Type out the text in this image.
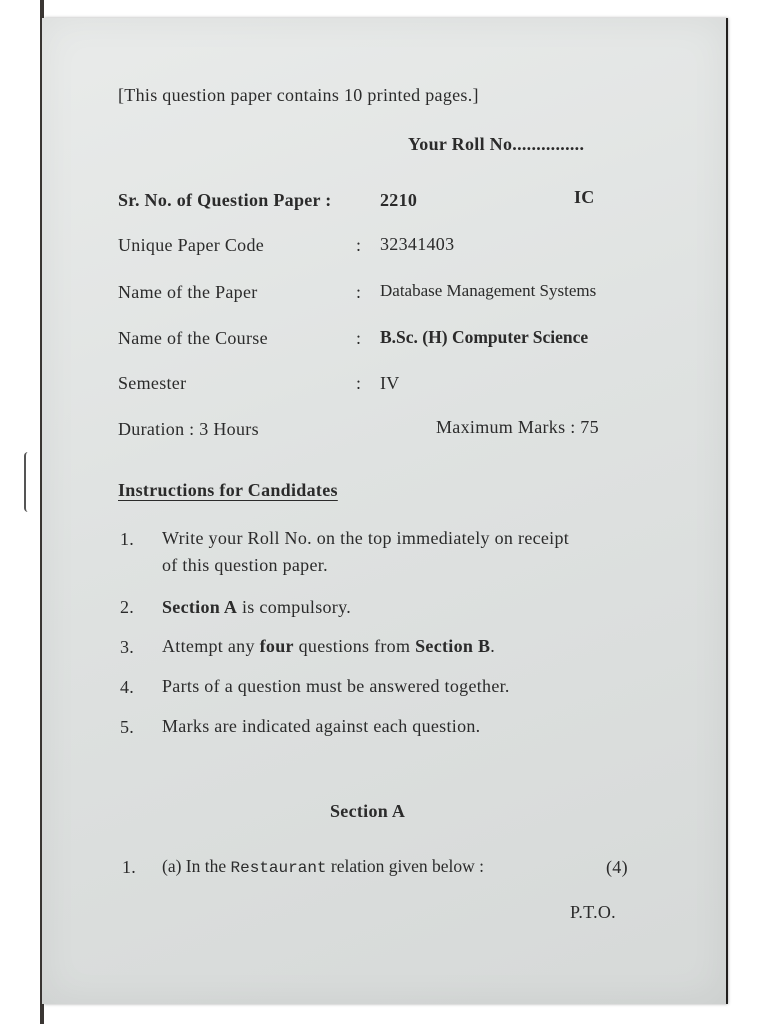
[This question paper contains 10 printed pages.]
Your Roll No...............
Sr. No. of Question Paper :	2210	IC
Unique Paper Code	: 32341403
Name of the Paper	: Database Management Systems
Name of the Course	: B.Sc. (H) Computer Science
Semester	: IV
Duration : 3 Hours	Maximum Marks : 75
Instructions for Candidates
1. Write your Roll No. on the top immediately on receipt
of this question paper.
2. Section A is compulsory.
3. Attempt any four questions from Section B.
4. Parts of a question must be answered together.
5. Marks are indicated against each question.
Section A
1. (a) In the Restaurant relation given below :	(4)
P.T.O.
